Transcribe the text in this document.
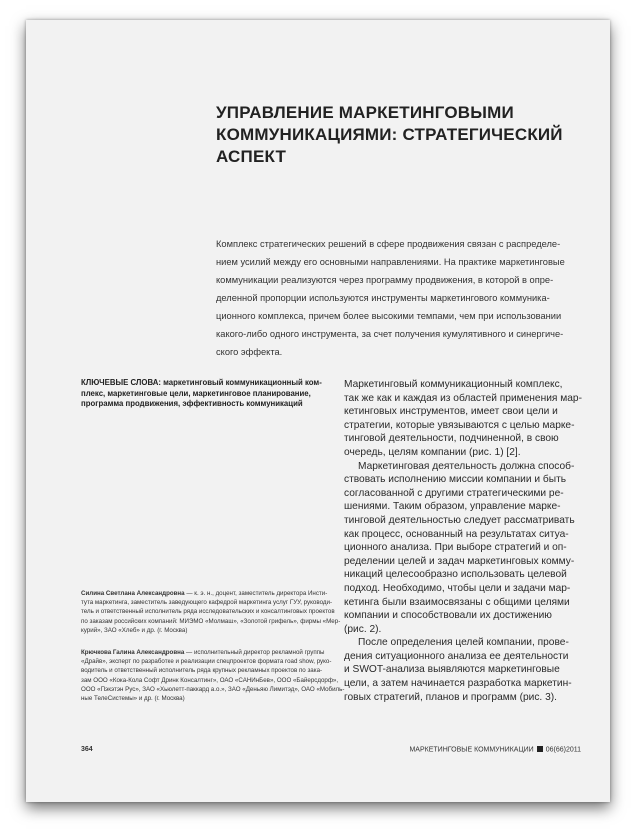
УПРАВЛЕНИЕ МАРКЕТИНГОВЫМИ
КОММУНИКАЦИЯМИ: СТРАТЕГИЧЕСКИЙ
АСПЕКТ
Комплекс стратегических решений в сфере продвижения связан с распределе-
нием усилий между его основными направлениями. На практике маркетинговые
коммуникации реализуются через программу продвижения, в которой в опре-
деленной пропорции используются инструменты маркетингового коммуника-
ционного комплекса, причем более высокими темпами, чем при использовании
какого-либо одного инструмента, за счет получения кумулятивного и синергиче-
ского эффекта.
КЛЮЧЕВЫЕ СЛОВА: маркетинговый коммуникационный ком-
плекс, маркетинговые цели, маркетинговое планирование,
программа продвижения, эффективность коммуникаций
Маркетинговый коммуникационный комплекс,
так же как и каждая из областей применения мар-
кетинговых инструментов, имеет свои цели и
стратегии, которые увязываются с целью марке-
тинговой деятельности, подчиненной, в свою
очередь, целям компании (рис. 1) [2].
Маркетинговая деятельность должна способ-
ствовать исполнению миссии компании и быть
согласованной с другими стратегическими ре-
шениями. Таким образом, управление марке-
тинговой деятельностью следует рассматривать
как процесс, основанный на результатах ситуа-
ционного анализа. При выборе стратегий и оп-
ределении целей и задач маркетинговых комму-
никаций целесообразно использовать целевой
подход. Необходимо, чтобы цели и задачи мар-
кетинга были взаимосвязаны с общими целями
компании и способствовали их достижению
(рис. 2).
После определения целей компании, прове-
дения ситуационного анализа ее деятельности
и SWOT-анализа выявляются маркетинговые
цели, а затем начинается разработка маркетин-
говых стратегий, планов и программ (рис. 3).
Силина Светлана Александровна — к. э. н., доцент, заместитель директора Инсти-
тута маркетинга, заместитель заведующего кафедрой маркетинга услуг ГУУ, руководи-
тель и ответственный исполнитель ряда исследовательских и консалтинговых проектов
по заказам российских компаний: МИЭМО «Молмаш», «Золотой грифель», фирмы «Мер-
курий», ЗАО «Хлеб» и др. (г. Москва)
Крючкова Галина Александровна — исполнительный директор рекламной группы
«Драйв», эксперт по разработке и реализации спецпроектов формата road show, руко-
водитель и ответственный исполнитель ряда крупных рекламных проектов по зака-
зам ООО «Кока-Кола Софт Дринк Консалтинг», ОАО «САНИнБев», ООО «Байерсдорф»,
ООО «Пэкэтэн Рус», ЗАО «Хьюлетт-паккард а.о.», ЗАО «Деньяю Лимитэд», ОАО «Мобиль-
ные ТелеСистемы» и др. (г. Москва)
364	МАРКЕТИНГОВЫЕ КОММУНИКАЦИИ 06(66)2011
